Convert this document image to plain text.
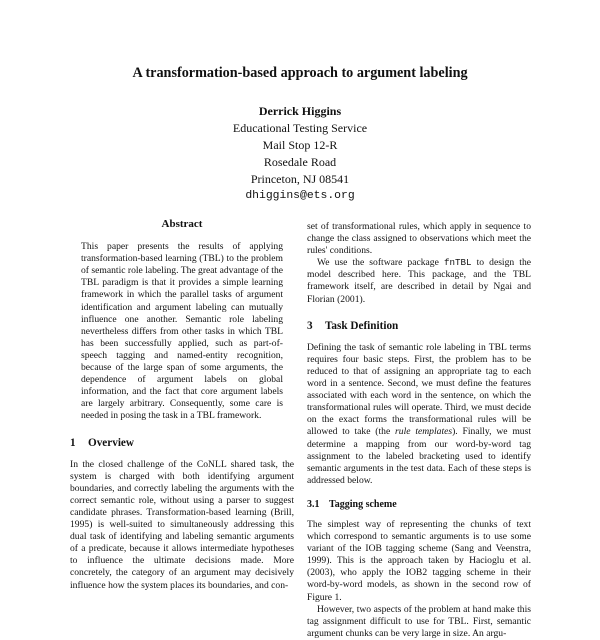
A transformation-based approach to argument labeling
Derrick Higgins
Educational Testing Service
Mail Stop 12-R
Rosedale Road
Princeton, NJ 08541
dhiggins@ets.org
Abstract

This paper presents the results of applying transformation-based learning (TBL) to the problem of semantic role labeling. The great advantage of the TBL paradigm is that it provides a simple learning framework in which the parallel tasks of argument identification and argument labeling can mutually influence one another. Semantic role labeling nevertheless differs from other tasks in which TBL has been successfully applied, such as part-of-speech tagging and named-entity recognition, because of the large span of some arguments, the dependence of argument labels on global information, and the fact that core argument labels are largely arbitrary. Consequently, some care is needed in posing the task in a TBL framework.

1 Overview

In the closed challenge of the CoNLL shared task, the system is charged with both identifying argument boundaries, and correctly labeling the arguments with the correct semantic role, without using a parser to suggest candidate phrases. Transformation-based learning (Brill, 1995) is well-suited to simultaneously addressing this dual task of identifying and labeling semantic arguments of a predicate, because it allows intermediate hypotheses to influence the ultimate decisions made. More concretely, the category of an argument may decisively influence how the system places its boundaries, and con-

set of transformational rules, which apply in sequence to change the class assigned to observations which meet the rules' conditions.

We use the software package fnTBL to design the model described here. This package, and the TBL framework itself, are described in detail by Ngai and Florian (2001).

3 Task Definition

Defining the task of semantic role labeling in TBL terms requires four basic steps. First, the problem has to be reduced to that of assigning an appropriate tag to each word in a sentence. Second, we must define the features associated with each word in the sentence, on which the transformational rules will operate. Third, we must decide on the exact forms the transformational rules will be allowed to take (the rule templates). Finally, we must determine a mapping from our word-by-word tag assignment to the labeled bracketing used to identify semantic arguments in the test data. Each of these steps is addressed below.

3.1 Tagging scheme

The simplest way of representing the chunks of text which correspond to semantic arguments is to use some variant of the IOB tagging scheme (Sang and Veenstra, 1999). This is the approach taken by Hacioglu et al. (2003), who apply the IOB2 tagging scheme in their word-by-word models, as shown in the second row of Figure 1.

However, two aspects of the problem at hand make this tag assignment difficult to use for TBL. First, semantic argument chunks can be very large in size. An argu-
